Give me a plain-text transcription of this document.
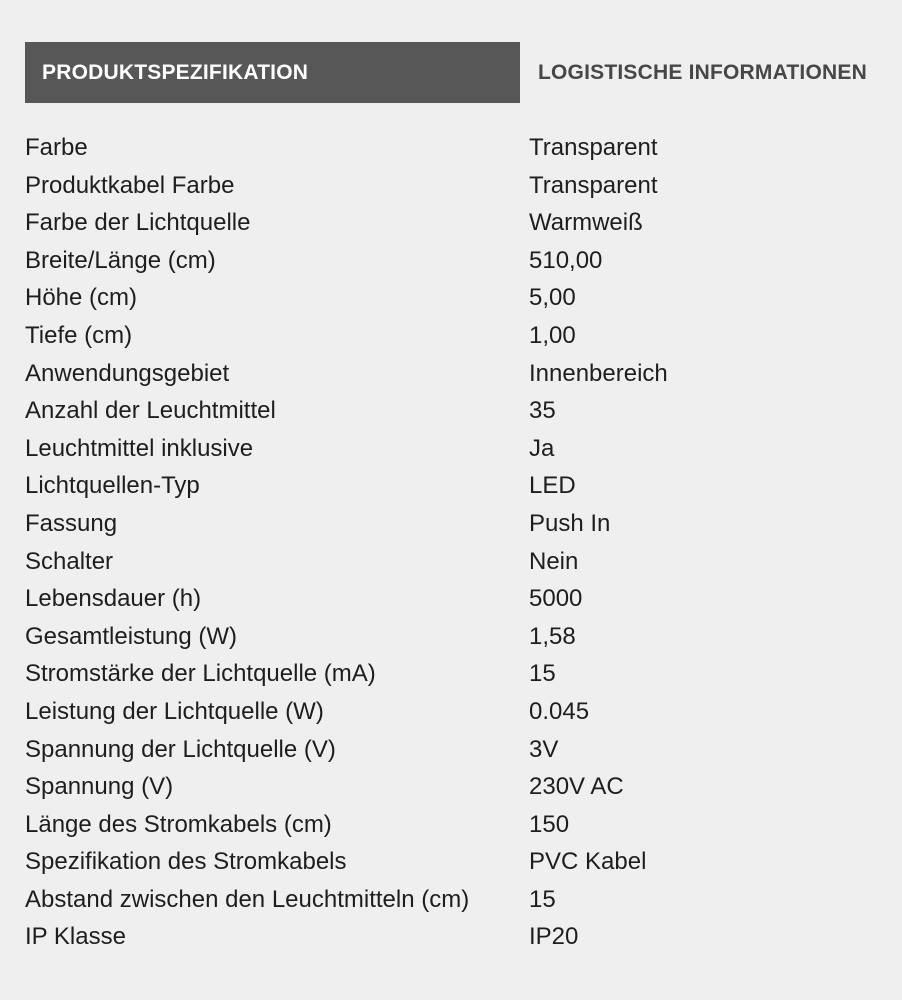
PRODUKTSPEZIFIKATION	LOGISTISCHE INFORMATIONEN
Farbe	Transparent
Produktkabel Farbe	Transparent
Farbe der Lichtquelle	Warmweiß
Breite/Länge (cm)	510,00
Höhe (cm)	5,00
Tiefe (cm)	1,00
Anwendungsgebiet	Innenbereich
Anzahl der Leuchtmittel	35
Leuchtmittel inklusive	Ja
Lichtquellen-Typ	LED
Fassung	Push In
Schalter	Nein
Lebensdauer (h)	5000
Gesamtleistung (W)	1,58
Stromstärke der Lichtquelle (mA)	15
Leistung der Lichtquelle (W)	0.045
Spannung der Lichtquelle (V)	3V
Spannung (V)	230V AC
Länge des Stromkabels (cm)	150
Spezifikation des Stromkabels	PVC Kabel
Abstand zwischen den Leuchtmitteln (cm)	15
IP Klasse	IP20
